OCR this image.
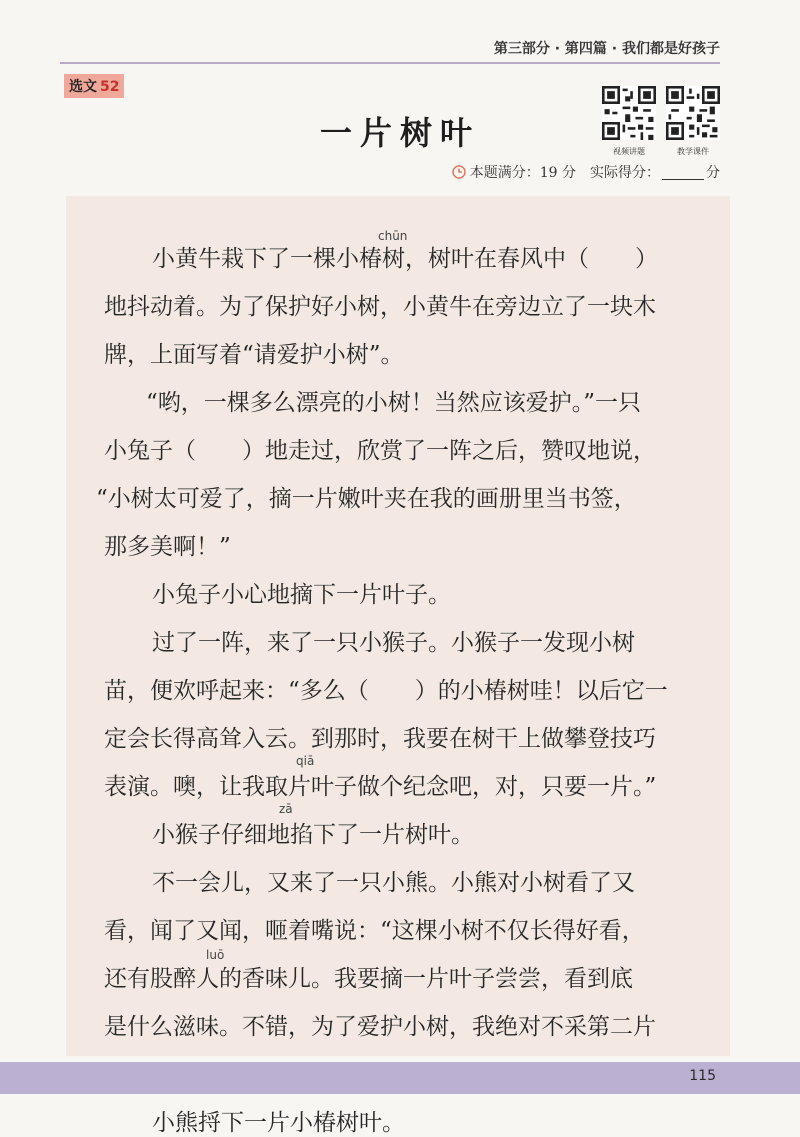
第三部分 · 第四篇 · 我们都是好孩子
选文 52
一片树叶	视频讲题	教学课件
本题满分： 19 分 实际得分：	分
小黄牛栽下了一棵小椿树，树叶在春风中（　　）
地抖动着。为了保护好小树，小黄牛在旁边立了一块木
牌，上面写着“请爱护小树”。
“哟，一棵多么漂亮的小树！当然应该爱护。”一只
小兔子（　　）地走过，欣赏了一阵之后，赞叹地说，
“小树太可爱了，摘一片嫩叶夹在我的画册里当书签，
那多美啊！”
小兔子小心地摘下一片叶子。
过了一阵，来了一只小猴子。小猴子一发现小树
苗，便欢呼起来：“多么（　　）的小椿树哇！以后它一
定会长得高耸入云。到那时，我要在树干上做攀登技巧
表演。噢，让我取片叶子做个纪念吧，对，只要一片。”
小猴子仔细地掐下了一片树叶。
不一会儿，又来了一只小熊。小熊对小树看了又
看，闻了又闻，咂着嘴说：“这棵小树不仅长得好看，
还有股醉人的香味儿。我要摘一片叶子尝尝，看到底
是什么滋味。不错，为了爱护小树，我绝对不采第二片
小熊捋下一片小椿树叶。
chūn
qiā
zā
luō
115
